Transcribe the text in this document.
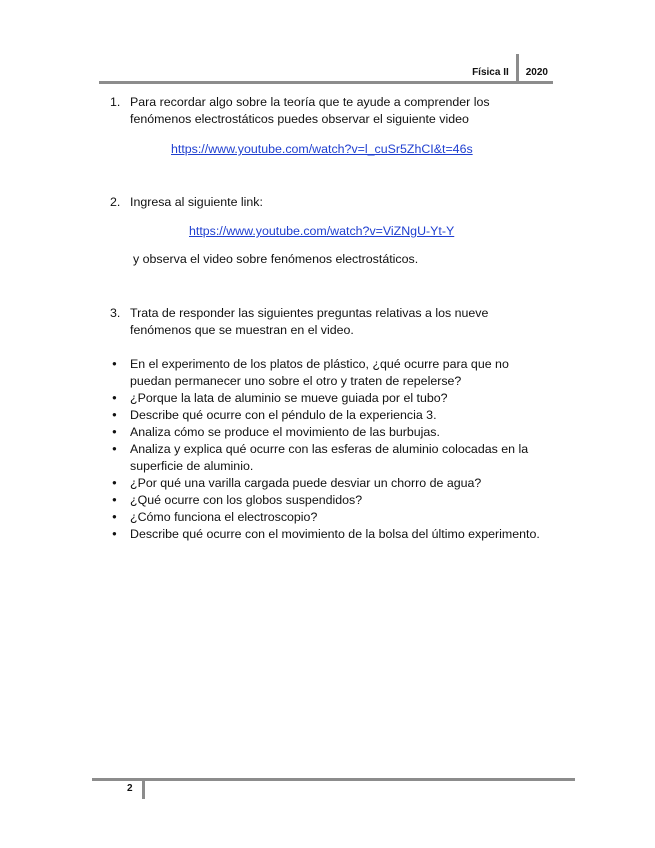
Física II	2020
1. Para recordar algo sobre la teoría que te ayude a comprender los
fenómenos electrostáticos puedes observar el siguiente video
https://www.youtube.com/watch?v=l_cuSr5ZhCI&t=46s
2. Ingresa al siguiente link:
https://www.youtube.com/watch?v=ViZNgU-Yt-Y
y observa el video sobre fenómenos electrostáticos.
3. Trata de responder las siguientes preguntas relativas a los nueve
fenómenos que se muestran en el video.
● En el experimento de los platos de plástico, ¿qué ocurre para que no
puedan permanecer uno sobre el otro y traten de repelerse?
● ¿Porque la lata de aluminio se mueve guiada por el tubo?
● Describe qué ocurre con el péndulo de la experiencia 3.
● Analiza cómo se produce el movimiento de las burbujas.
● Analiza y explica qué ocurre con las esferas de aluminio colocadas en la
superficie de aluminio.
● ¿Por qué una varilla cargada puede desviar un chorro de agua?
● ¿Qué ocurre con los globos suspendidos?
● ¿Cómo funciona el electroscopio?
● Describe qué ocurre con el movimiento de la bolsa del último experimento.
2
